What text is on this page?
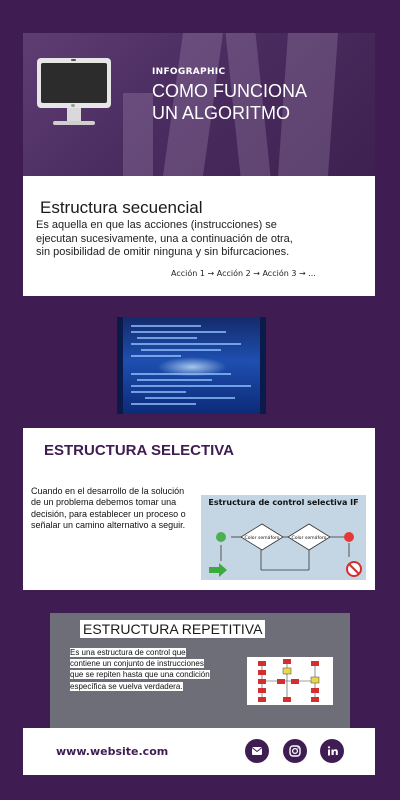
INFOGRAPHIC
COMO FUNCIONA
UN ALGORITMO
Estructura secuencial
Es aquella en que las acciones (instrucciones) se ejecutan sucesivamente, una a continuación de otra, sin posibilidad de omitir ninguna y sin bifurcaciones.
Acción 1 → Acción 2 → Acción 3 → ...
ESTRUCTURA SELECTIVA
Cuando en el desarrollo de la solución de un problema debemos tomar una decisión, para establecer un proceso o señalar un camino alternativo a seguir.
Estructura de control selectiva IF
Color semáforo	Color semáforo
ESTRUCTURA REPETITIVA
Es una estructura de control que
contiene un conjunto de instrucciones
que se repiten hasta que una condición
específica se vuelva verdadera.
www.website.com
